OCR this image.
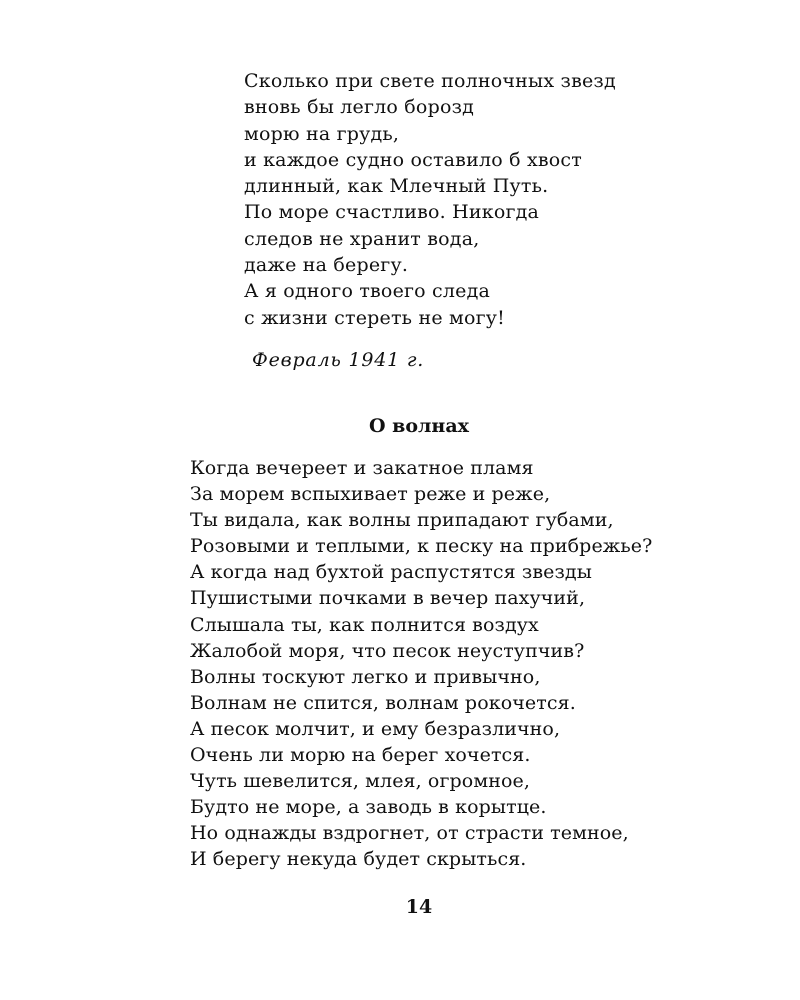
Сколько при свете полночных звезд
вновь бы легло борозд
морю на грудь,
и каждое судно оставило б хвост
длинный, как Млечный Путь.
По море счастливо. Никогда
следов не хранит вода,
даже на берегу.
А я одного твоего следа
с жизни стереть не могу!
Февраль 1941 г.
О волнах
Когда вечереет и закатное пламя
За морем вспыхивает реже и реже,
Ты видала, как волны припадают губами,
Розовыми и теплыми, к песку на прибрежье?
А когда над бухтой распустятся звезды
Пушистыми почками в вечер пахучий,
Слышала ты, как полнится воздух
Жалобой моря, что песок неуступчив?
Волны тоскуют легко и привычно,
Волнам не спится, волнам рокочется.
А песок молчит, и ему безразлично,
Очень ли морю на берег хочется.
Чуть шевелится, млея, огромное,
Будто не море, а заводь в корытце.
Но однажды вздрогнет, от страсти темное,
И берегу некуда будет скрыться.
14
